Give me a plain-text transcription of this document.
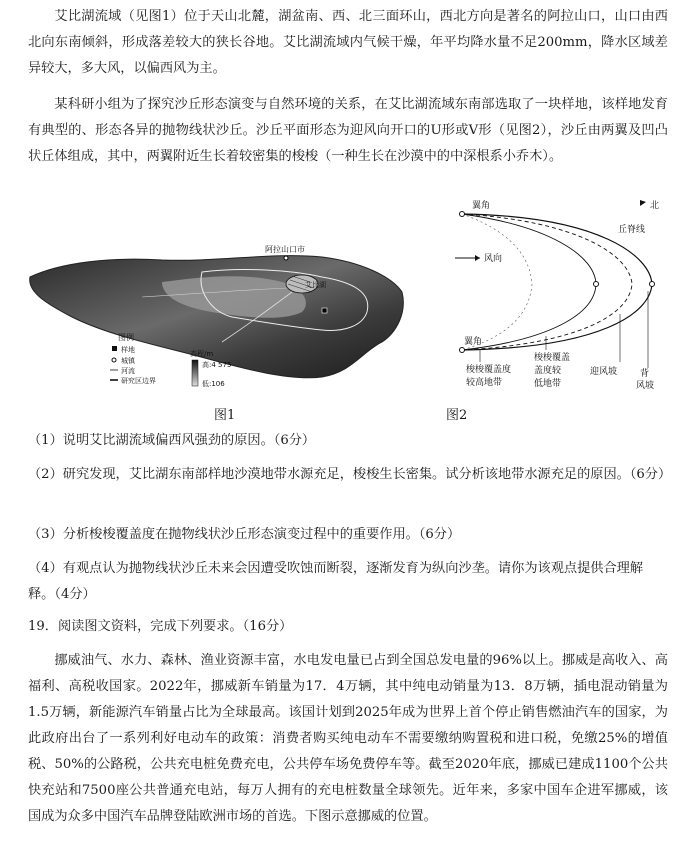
艾比湖流域（见图1）位于天山北麓，湖盆南、西、北三面环山，西北方向是著名的阿拉山口，山口由西北向东南倾斜，形成落差较大的狭长谷地。艾比湖流域内气候干燥，年平均降水量不足200mm，降水区域差异较大，多大风，以偏西风为主。

某科研小组为了探究沙丘形态演变与自然环境的关系，在艾比湖流域东南部选取了一块样地，该样地发育有典型的、形态各异的抛物线状沙丘。沙丘平面形态为迎风向开口的U形或V形（见图2），沙丘由两翼及凹凸状丘体组成，其中，两翼附近生长着较密集的梭梭（一种生长在沙漠中的中深根系小乔木）。

阿拉山口市
艾比湖
图例
样地
城镇
河流
研究区边界
高程/m
高:4 575
低:106
图1
翼角
翼角
北
丘脊线
风向
梭梭覆盖度
较高地带
梭梭覆盖
盖度较
低地带
迎风坡	背
风坡
图2

（1）说明艾比湖流域偏西风强劲的原因。（6分）

（2）研究发现，艾比湖东南部样地沙漠地带水源充足，梭梭生长密集。试分析该地带水源充足的原因。（6分）

（3）分析梭梭覆盖度在抛物线状沙丘形态演变过程中的重要作用。（6分）

（4）有观点认为抛物线状沙丘未来会因遭受吹蚀而断裂，逐渐发育为纵向沙垄。请你为该观点提供合理解释。（4分）

19．阅读图文资料，完成下列要求。（16分）

挪威油气、水力、森林、渔业资源丰富，水电发电量已占到全国总发电量的96%以上。挪威是高收入、高福利、高税收国家。2022年，挪威新车销量为17．4万辆，其中纯电动销量为13．8万辆，插电混动销量为1.5万辆，新能源汽车销量占比为全球最高。该国计划到2025年成为世界上首个停止销售燃油汽车的国家，为此政府出台了一系列利好电动车的政策：消费者购买纯电动车不需要缴纳购置税和进口税，免缴25%的增值税、50%的公路税，公共充电桩免费充电，公共停车场免费停车等。截至2020年底，挪威已建成1100个公共快充站和7500座公共普通充电站，每万人拥有的充电桩数量全球领先。近年来，多家中国车企进军挪威，该国成为众多中国汽车品牌登陆欧洲市场的首选。下图示意挪威的位置。
